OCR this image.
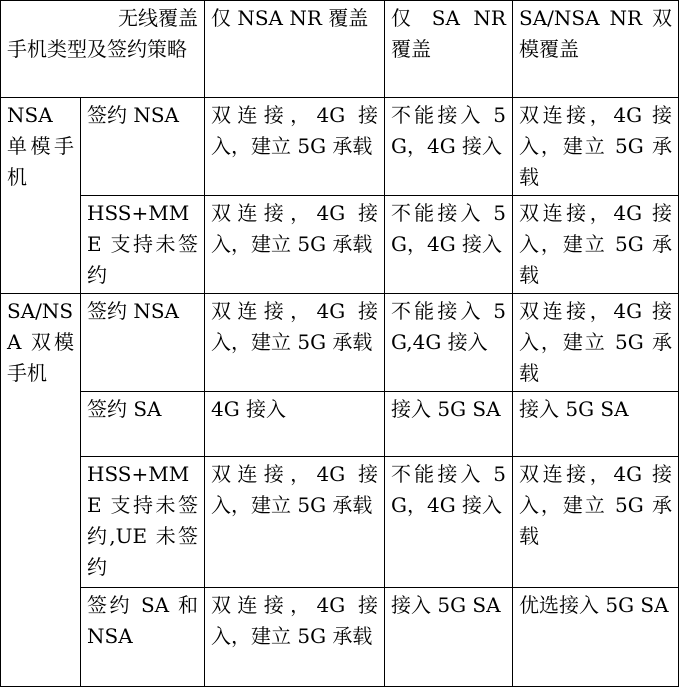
无线覆盖
手机类型及签约策略		仅 NSA NR 覆盖	仅 SA NR 覆盖	SA/NSA NR 双模覆盖
NSA 单模手机	签约 NSA	双连接，4G 接入，建立 5G 承载	不能接入 5G，4G 接入	双连接，4G 接入，建立 5G 承载
	HSS+MME 支持未签约	双连接，4G 接入，建立 5G 承载	不能接入 5G，4G 接入	双连接，4G 接入，建立 5G 承载
SA/NSA 双模手机	签约 NSA	双连接，4G 接入，建立 5G 承载	不能接入 5G,4G 接入	双连接，4G 接入，建立 5G 承载
	签约 SA	4G 接入	接入 5G SA	接入 5G SA
	HSS+MME 支持未签约,UE 未签约	双连接，4G 接入，建立 5G 承载	不能接入 5G，4G 接入	双连接，4G 接入，建立 5G 承载
	签约 SA 和 NSA	双连接，4G 接入，建立 5G 承载	接入 5G SA	优选接入 5G SA
